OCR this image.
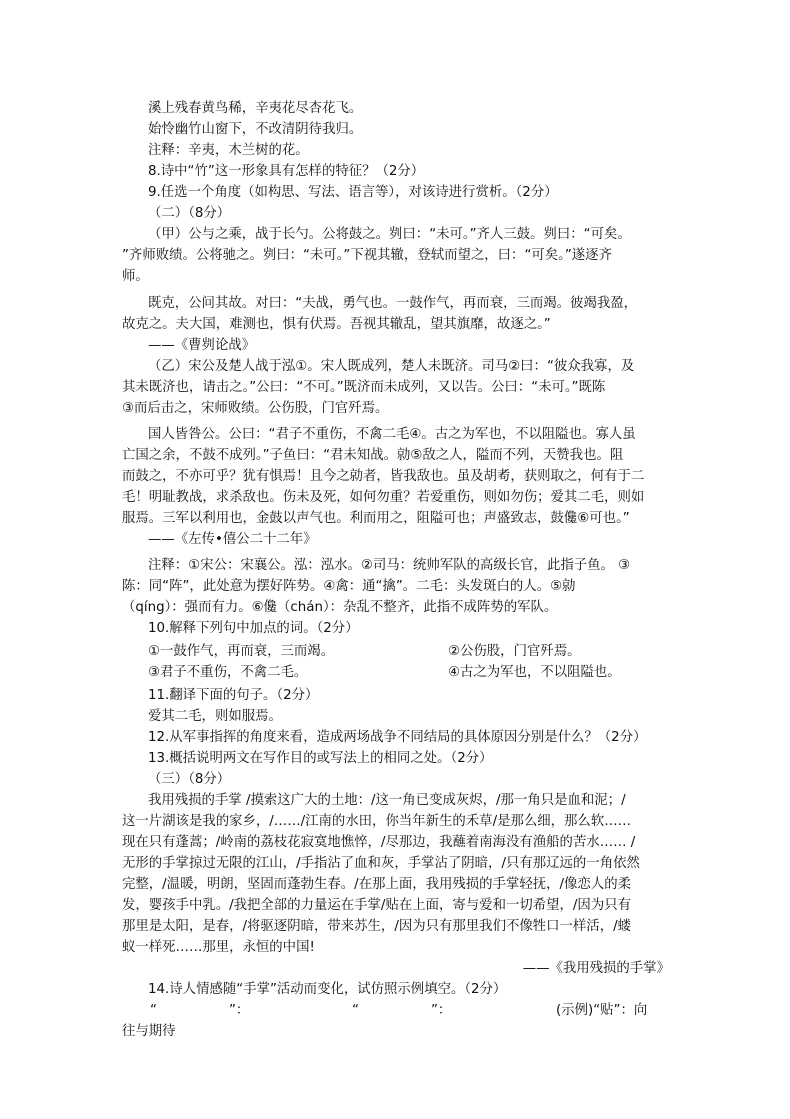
溪上残春黄鸟稀，辛夷花尽杏花飞。
始怜幽竹山窗下，不改清阴待我归。
注释：辛夷，木兰树的花。
8.诗中“竹”这一形象具有怎样的特征？（2分）
9.任选一个角度（如构思、写法、语言等），对该诗进行赏析。（2分）
（二）（8分）
（甲）公与之乘，战于长勺。公将鼓之。刿曰：“未可。”齐人三鼓。刿曰：“可矣。
”齐师败绩。公将驰之。刿曰：“未可。”下视其辙，登轼而望之，曰：“可矣。”遂逐齐
师。
既克，公问其故。对曰：“夫战，勇气也。一鼓作气，再而衰，三而竭。彼竭我盈，
故克之。夫大国，难测也，惧有伏焉。吾视其辙乱，望其旗靡，故逐之。”
——《曹刿论战》
（乙）宋公及楚人战于泓①。宋人既成列，楚人未既济。司马②曰：“彼众我寡，及
其未既济也，请击之。”公曰：“不可。”既济而未成列，又以告。公曰：“未可。”既陈
③而后击之，宋师败绩。公伤股，门官歼焉。
国人皆咎公。公曰：“君子不重伤，不禽二毛④。古之为军也，不以阻隘也。寡人虽
亡国之余，不鼓不成列。”子鱼曰：“君未知战。勍⑤敌之人，隘而不列，天赞我也。阻
而鼓之，不亦可乎？犹有惧焉！且今之勍者，皆我敌也。虽及胡耇，获则取之，何有于二
毛！明耻教战，求杀敌也。伤未及死，如何勿重？若爱重伤，则如勿伤；爱其二毛，则如
服焉。三军以利用也，金鼓以声气也。利而用之，阻隘可也；声盛致志，鼓儳⑥可也。”
——《左传•僖公二十二年》
注释：①宋公：宋襄公。泓：泓水。②司马：统帅军队的高级长官，此指子鱼。 ③
陈：同“阵”，此处意为摆好阵势。④禽：通“擒”。二毛：头发斑白的人。⑤勍
（qíng）：强而有力。⑥儳（chán）：杂乱不整齐，此指不成阵势的军队。
10.解释下列句中加点的词。（2分）
①一鼓作气，再而衰，三而竭。	②公伤股，门官歼焉。
③君子不重伤，不禽二毛。	④古之为军也，不以阻隘也。
11.翻译下面的句子。（2分）
爱其二毛，则如服焉。
12.从军事指挥的角度来看，造成两场战争不同结局的具体原因分别是什么？（2分）
13.概括说明两文在写作目的或写法上的相同之处。（2分）
（三）（8分）
我用残损的手掌 /摸索这广大的土地：/这一角已变成灰烬，/那一角只是血和泥；/
这一片湖该是我的家乡，/……/江南的水田，你当年新生的禾草/是那么细，那么软……
现在只有蓬蒿；/岭南的荔枝花寂寞地憔悴，/尽那边，我蘸着南海没有渔船的苦水…… /
无形的手掌掠过无限的江山，/手指沾了血和灰，手掌沾了阴暗，/只有那辽远的一角依然
完整，/温暖，明朗，坚固而蓬勃生春。/在那上面，我用残损的手掌轻抚，/像恋人的柔
发，婴孩手中乳。/我把全部的力量运在手掌/贴在上面，寄与爱和一切希望，/因为只有
那里是太阳，是春，/将驱逐阴暗，带来苏生，/因为只有那里我们不像牲口一样活，/蝼
蚁一样死……那里，永恒的中国!
——《我用残损的手掌》
14.诗人情感随“手掌”活动而变化，试仿照示例填空。（2分）
“	”：	“	”：	(示例)“贴”：向
往与期待
